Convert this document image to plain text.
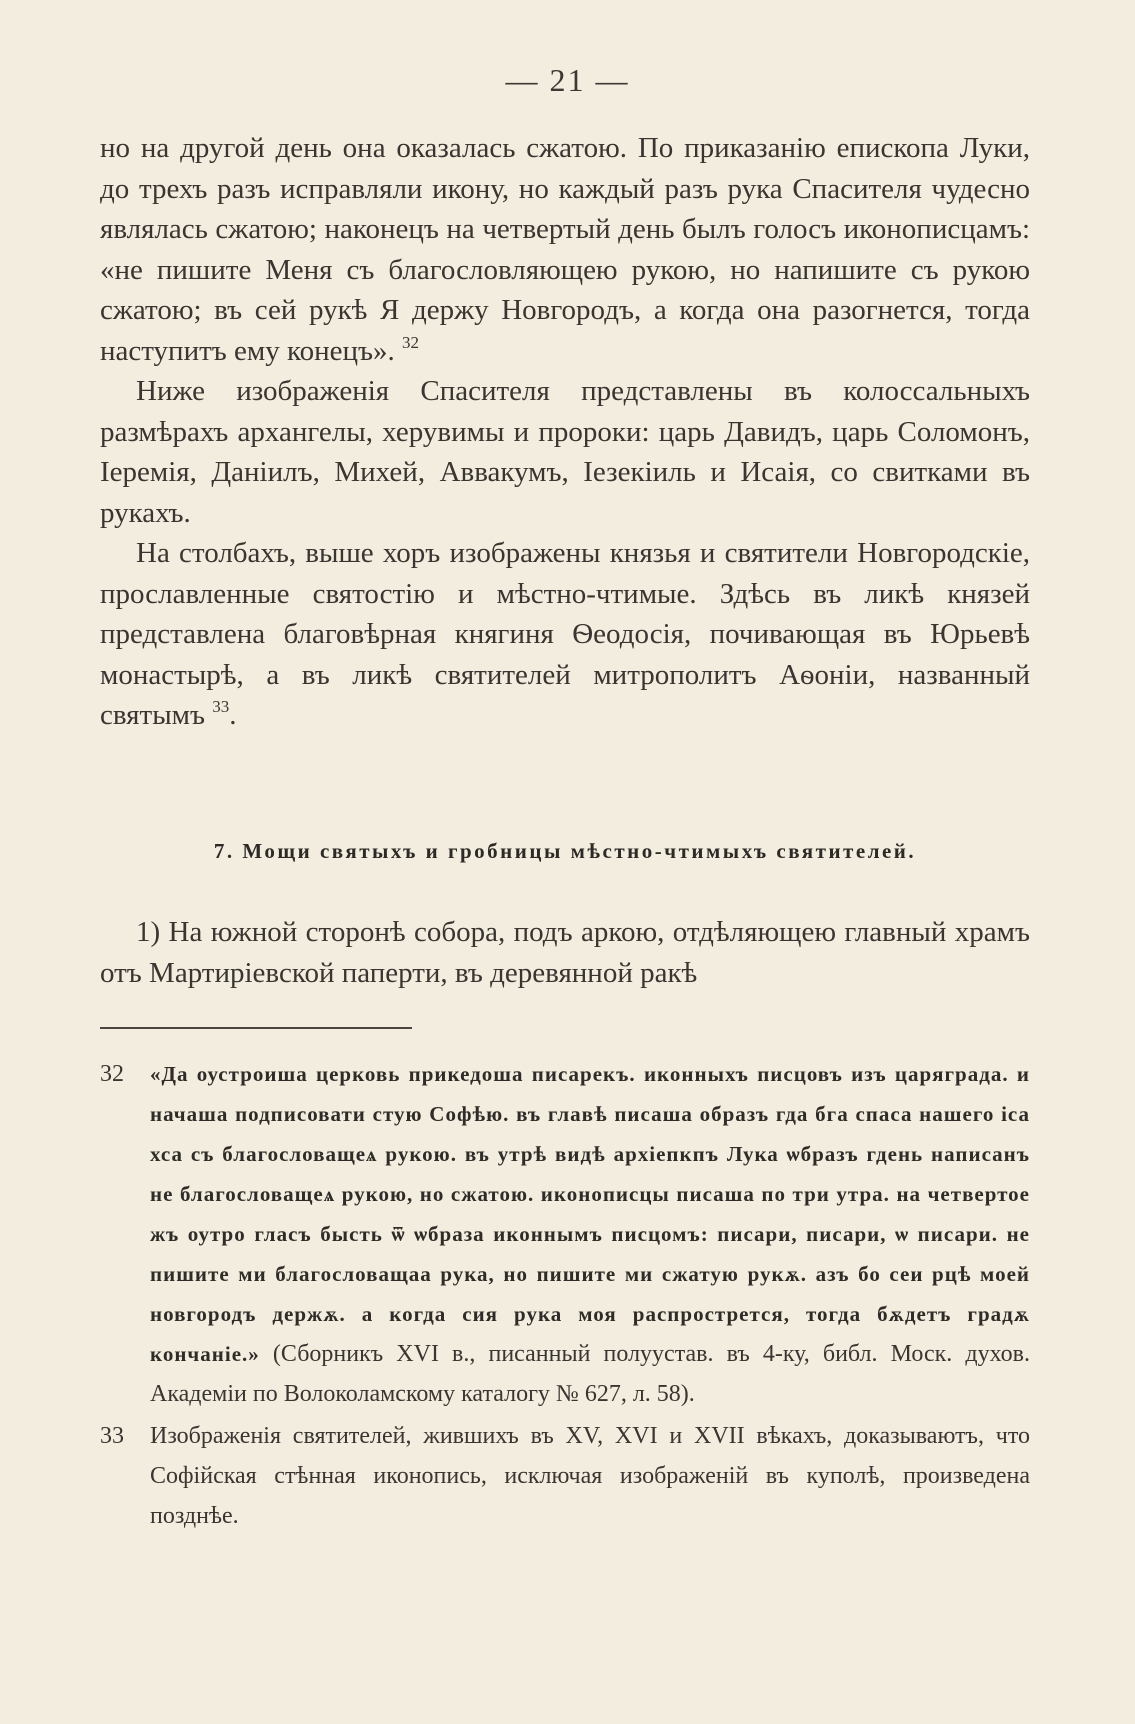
— 21 —

но на другой день она оказалась сжатою. По приказанію епископа Луки, до трехъ разъ исправляли икону, но каждый разъ рука Спасителя чудесно являлась сжатою; наконецъ на четвертый день былъ голосъ иконописцамъ: «не пишите Меня съ благословляющею рукою, но напишите съ рукою сжатою; въ сей рукѣ Я держу Новгородъ, а когда она разогнется, тогда наступитъ ему конецъ». $^{32}$

Ниже изображенія Спасителя представлены въ колоссальныхъ размѣрахъ архангелы, херувимы и пророки: царь Давидъ, царь Соломонъ, Іеремія, Даніилъ, Михей, Аввакумъ, Іезекіиль и Исаія, со свитками въ рукахъ.

На столбахъ, выше хоръ изображены князья и святители Новгородскіе, прославленные святостію и мѣстно-чтимые. Здѣсь въ ликѣ князей представлена благовѣрная княгиня Ѳеодосія, почивающая въ Юрьевѣ монастырѣ, а въ ликѣ святителей митрополитъ Аѳоніи, названный святымъ $^{33}$.

7. Мощи святыхъ и гробницы мѣстно-чтимыхъ святителей.

1) На южной сторонѣ собора, подъ аркою, отдѣляющею главный храмъ отъ Мартиріевской паперти, въ деревянной ракѣ

32 «Да оустроиша церковь прикедоша писарекъ. иконныхъ писцовъ изъ царяграда. и начаша подписовати стую Софѣю. въ главѣ писаша образъ гда бга спаса нашего іса хса съ благословащеѧ рукою. въ утрѣ видѣ архіепкпъ Лука ѡбразъ гдень написанъ не благословащеѧ рукою, но сжатою. иконописцы писаша по три утра. на четвертое жъ оутро гласъ бысть ѿ ѡбраза иконнымъ писцомъ: писари, писари, ѡ писари. не пишите ми благословащаа рука, но пишите ми сжатую рукѫ. азъ бо сеи рцѣ моей новгородъ держѫ. а когда сия рука моя распрострется, тогда бѫдетъ градѫ кончаніе.» (Сборникъ XVI в., писанный полуустав. въ 4-ку, библ. Моск. духов. Академіи по Волоколамскому каталогу № 627, л. 58).
33 Изображенія святителей, жившихъ въ XV, XVI и XVII вѣкахъ, доказываютъ, что Софійская стѣнная иконопись, исключая изображеній въ куполѣ, произведена позднѣе.
